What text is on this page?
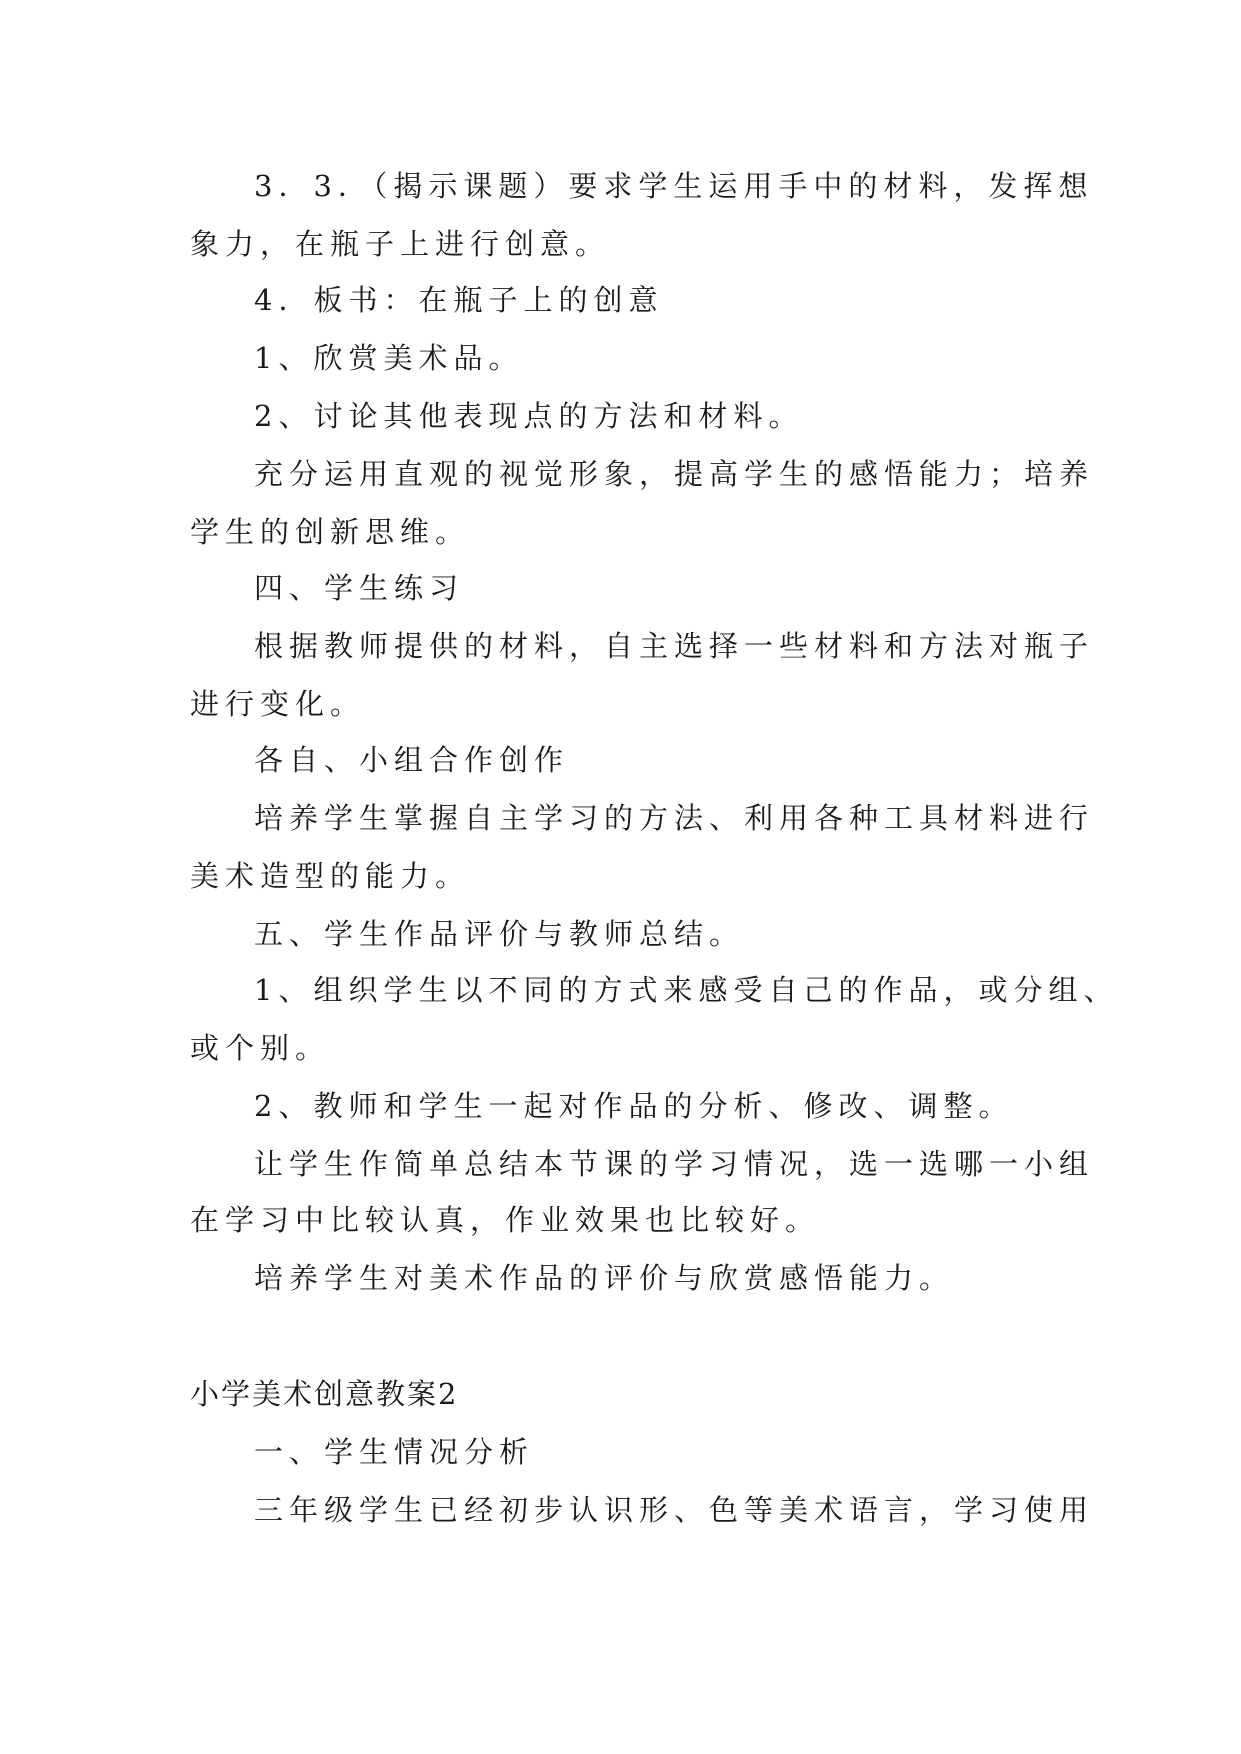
3．3．（揭示课题）要求学生运用手中的材料，发挥想
象力，在瓶子上进行创意。
4．板书：在瓶子上的创意
1、欣赏美术品。
2、讨论其他表现点的方法和材料。
充分运用直观的视觉形象，提高学生的感悟能力；培养
学生的创新思维。
四、学生练习
根据教师提供的材料，自主选择一些材料和方法对瓶子
进行变化。
各自、小组合作创作
培养学生掌握自主学习的方法、利用各种工具材料进行
美术造型的能力。
五、学生作品评价与教师总结。
1、组织学生以不同的方式来感受自己的作品，或分组、
或个别。
2、教师和学生一起对作品的分析、修改、调整。
让学生作简单总结本节课的学习情况，选一选哪一小组
在学习中比较认真，作业效果也比较好。
培养学生对美术作品的评价与欣赏感悟能力。
小学美术创意教案2
一、学生情况分析
三年级学生已经初步认识形、色等美术语言，学习使用
